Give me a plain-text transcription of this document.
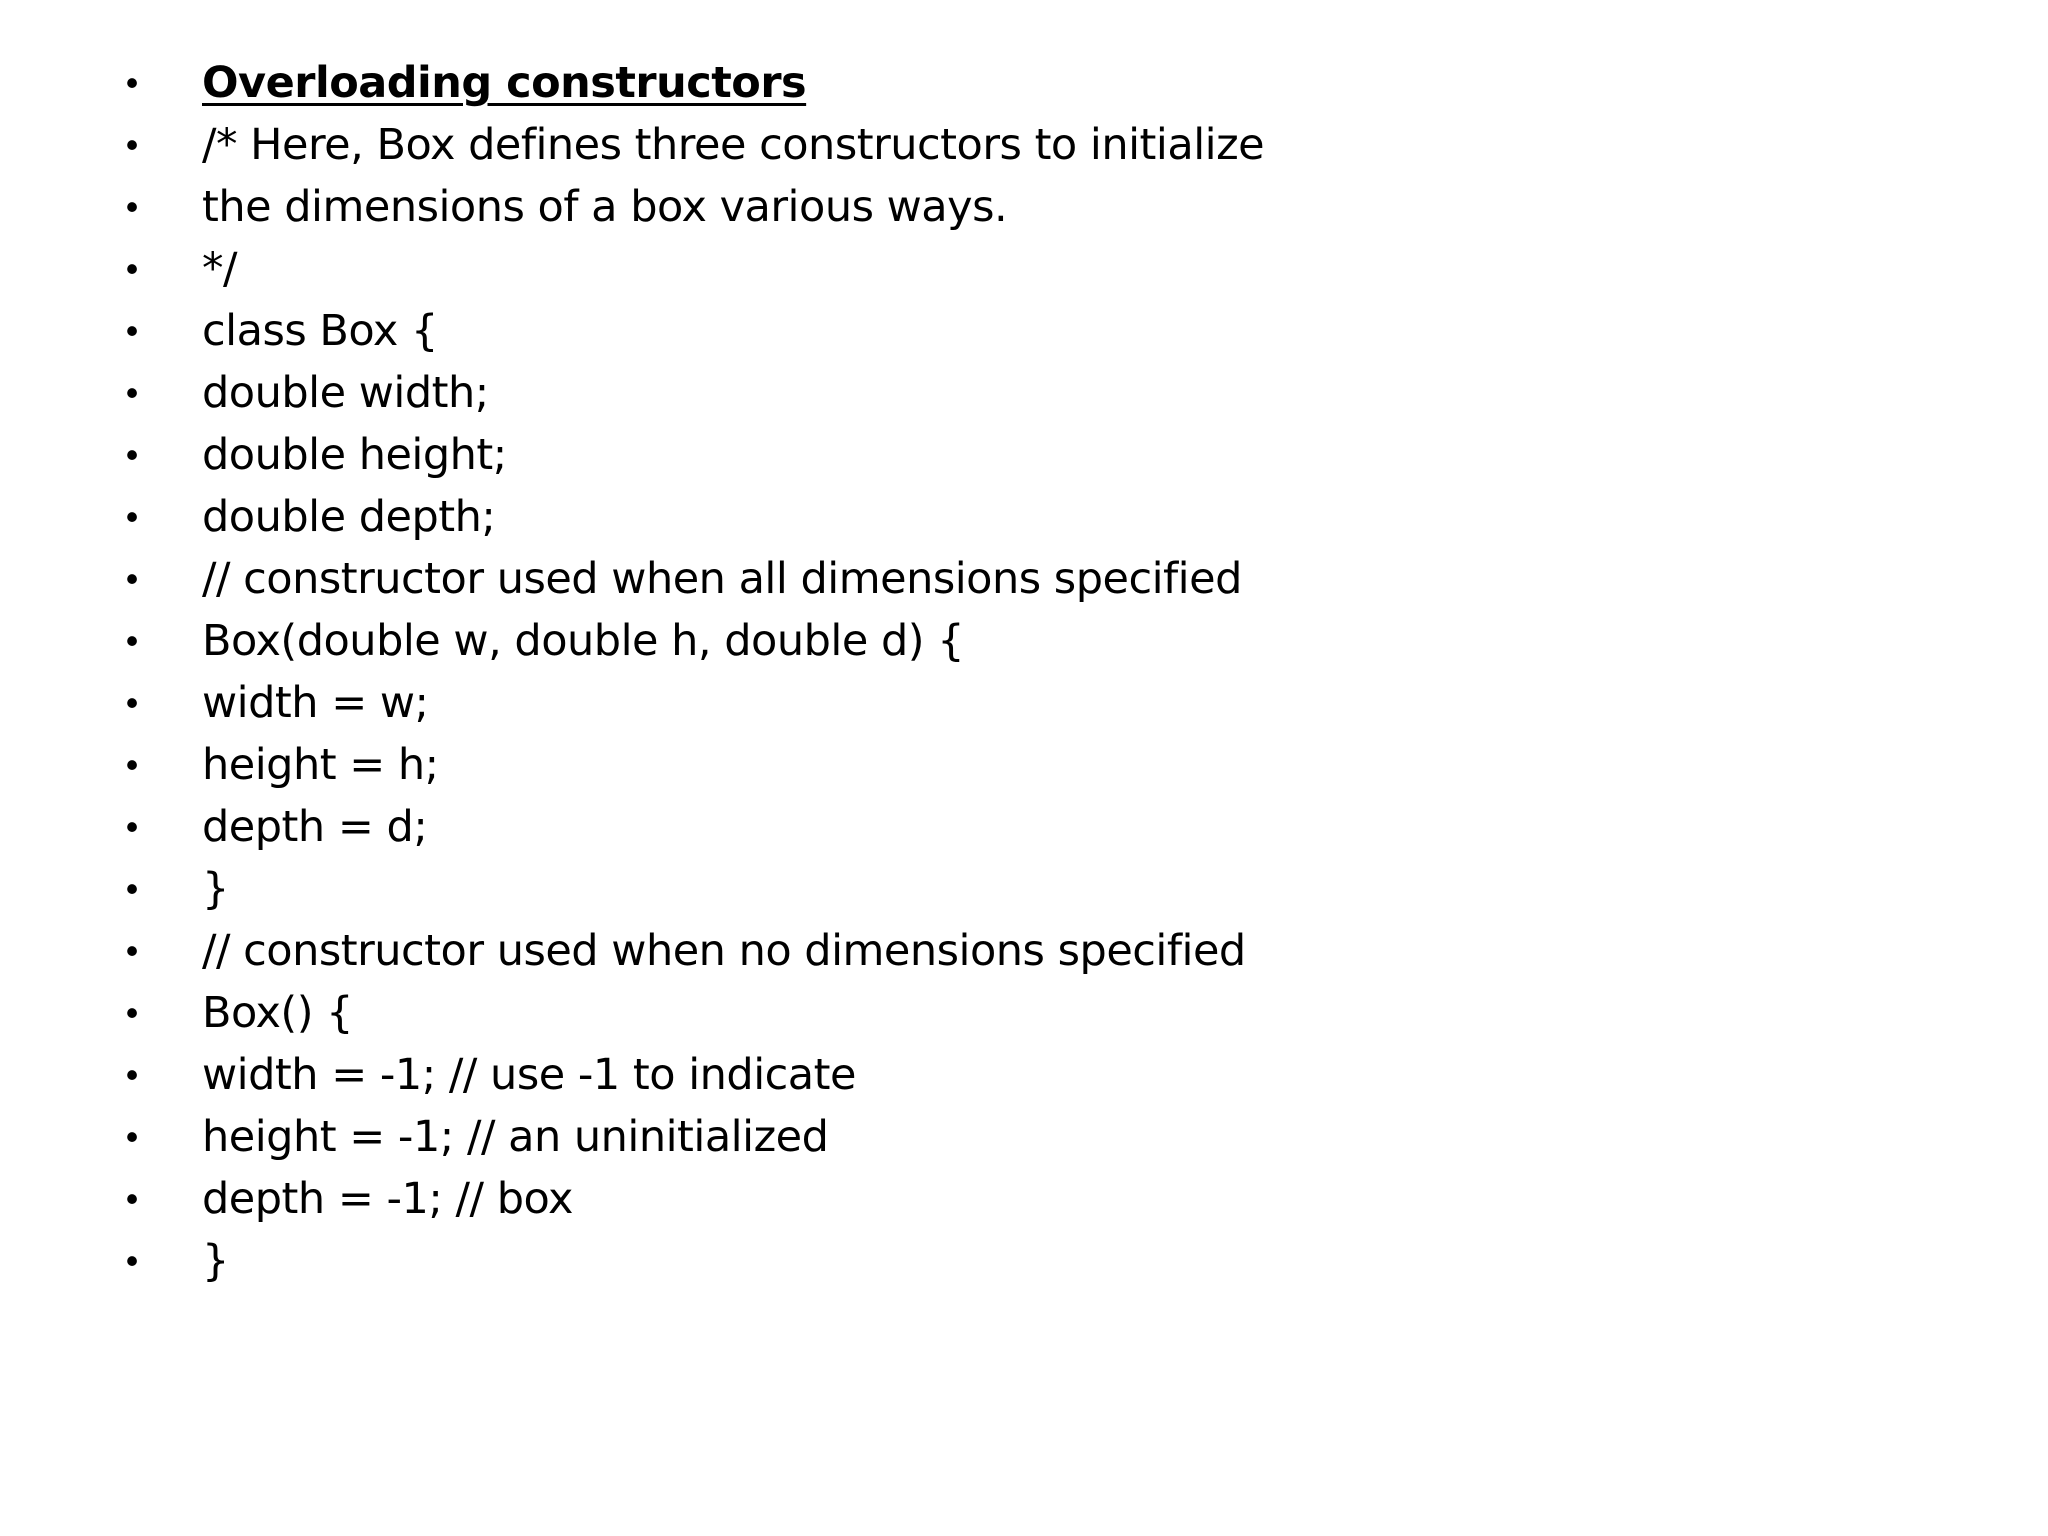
• Overloading constructors
• /* Here, Box defines three constructors to initialize
• the dimensions of a box various ways.
• */
• class Box {
• double width;
• double height;
• double depth;
• // constructor used when all dimensions specified
• Box(double w, double h, double d) {
• width = w;
• height = h;
• depth = d;
• }
• // constructor used when no dimensions specified
• Box() {
• width = -1; // use -1 to indicate
• height = -1; // an uninitialized
• depth = -1; // box
• }
